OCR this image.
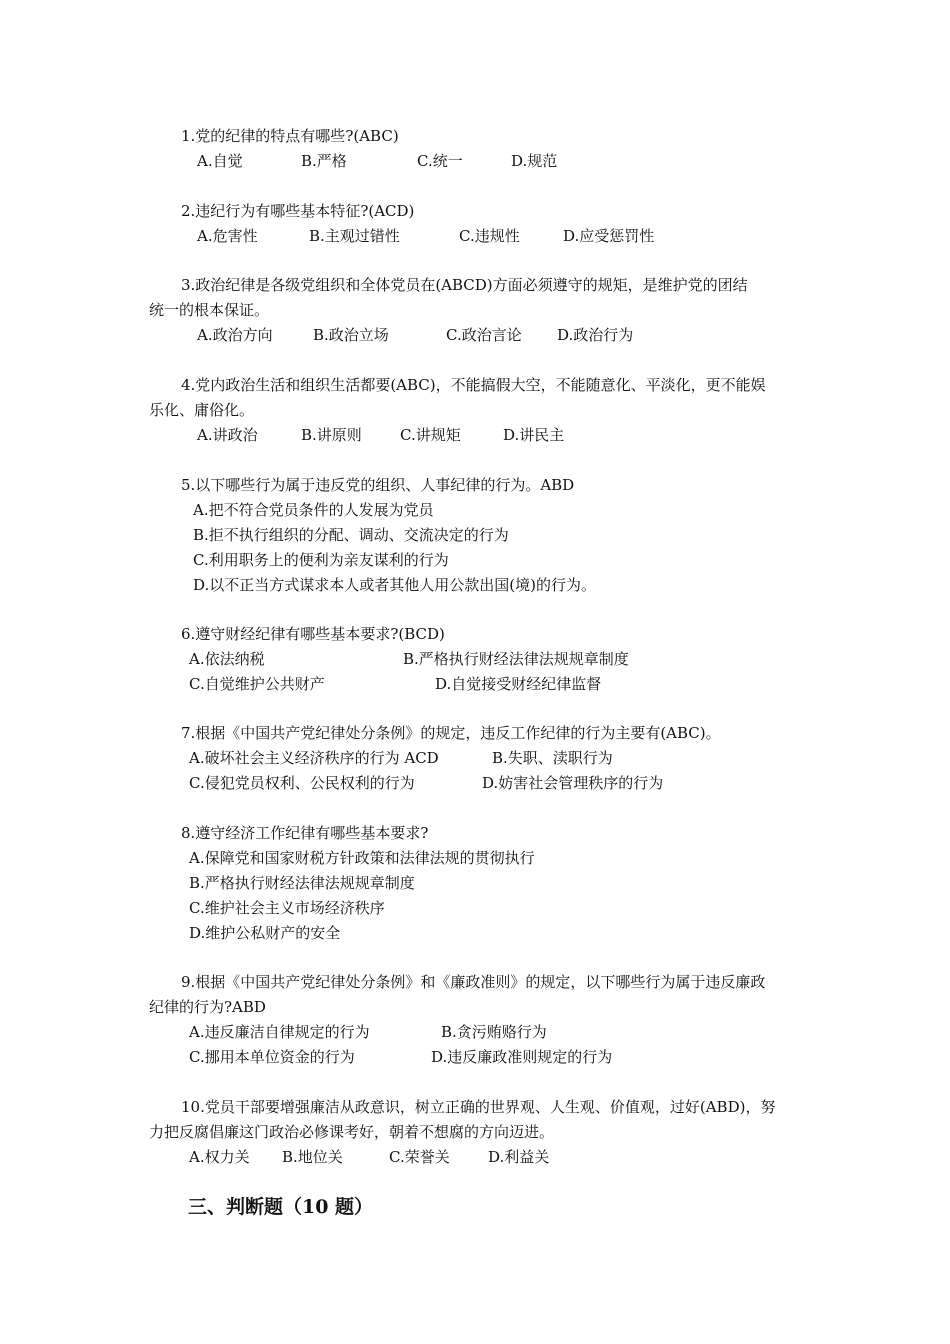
1.党的纪律的特点有哪些?(ABC)
A.自觉	B.严格	C.统一	D.规范
2.违纪行为有哪些基本特征?(ACD)
A.危害性	B.主观过错性	C.违规性	D.应受惩罚性
3.政治纪律是各级党组织和全体党员在(ABCD)方面必须遵守的规矩，是维护党的团结
统一的根本保证。
A.政治方向	B.政治立场	C.政治言论 D.政治行为
4.党内政治生活和组织生活都要(ABC)，不能搞假大空，不能随意化、平淡化，更不能娱
乐化、庸俗化。
A.讲政治	B.讲原则	C.讲规矩	D.讲民主
5.以下哪些行为属于违反党的组织、人事纪律的行为。ABD
A.把不符合党员条件的人发展为党员
B.拒不执行组织的分配、调动、交流决定的行为
C.利用职务上的便利为亲友谋利的行为
D.以不正当方式谋求本人或者其他人用公款出国(境)的行为。
6.遵守财经纪律有哪些基本要求?(BCD)
A.依法纳税	B.严格执行财经法律法规规章制度
C.自觉维护公共财产	D.自觉接受财经纪律监督
7.根据《中国共产党纪律处分条例》的规定，违反工作纪律的行为主要有(ABC)。
A.破坏社会主义经济秩序的行为 ACD	B.失职、渎职行为
C.侵犯党员权利、公民权利的行为	D.妨害社会管理秩序的行为
8.遵守经济工作纪律有哪些基本要求?
A.保障党和国家财税方针政策和法律法规的贯彻执行
B.严格执行财经法律法规规章制度
C.维护社会主义市场经济秩序
D.维护公私财产的安全
9.根据《中国共产党纪律处分条例》和《廉政准则》的规定，以下哪些行为属于违反廉政
纪律的行为?ABD
A.违反廉洁自律规定的行为	B.贪污贿赂行为
C.挪用本单位资金的行为	D.违反廉政准则规定的行为
10.党员干部要增强廉洁从政意识，树立正确的世界观、人生观、价值观，过好(ABD)，努
力把反腐倡廉这门政治必修课考好，朝着不想腐的方向迈进。
A.权力关 B.地位关	C.荣誉关	D.利益关
三、判断题（10 题）
